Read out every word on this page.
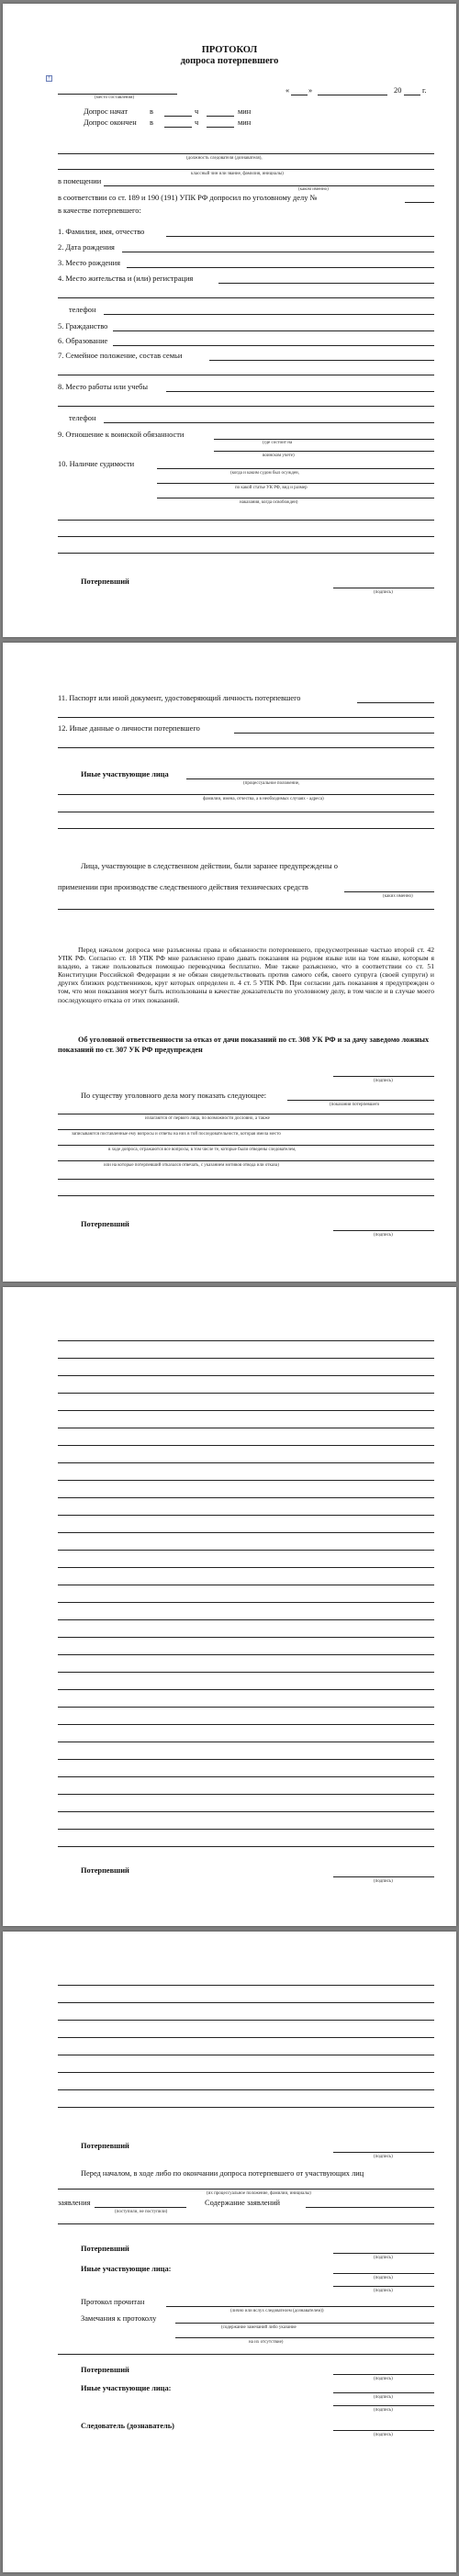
ПРОТОКОЛ
допроса потерпевшего
+
(место составления)
« »	20	г.
Допрос начат	в	ч	мин
Допрос окончен в	ч	мин
(должность следователя (дознавателя),
классный чин или звание, фамилия, инициалы)
в помещении
(каком именно)
в соответствии со ст. 189 и 190 (191) УПК РФ допросил по уголовному делу №
в качестве потерпевшего:
1. Фамилия, имя, отчество
2. Дата рождения
3. Место рождения
4. Место жительства и (или) регистрация
телефон
5. Гражданство
6. Образование
7. Семейное положение, состав семьи
8. Место работы или учебы
телефон
9. Отношение к воинской обязанности
(где состоит на
воинском учете)
10. Наличие судимости
(когда и каким судом был осужден,
по какой статье УК РФ, вид и размер
наказания, когда освобожден)
Потерпевший
(подпись)
11. Паспорт или иной документ, удостоверяющий личность потерпевшего
12. Иные данные о личности потерпевшего
Иные участвующие лица
(процессуальное положение,
фамилии, имена, отчества, а в необходимых случаях - адреса)
Лица, участвующие в следственном действии, были заранее предупреждены о
применении при производстве следственного действия технических средств
(каких именно)
Перед началом допроса мне разъяснены права и обязанности потерпевшего, предусмотренные частью второй ст. 42 УПК РФ. Согласно ст. 18 УПК РФ мне разъяснено право давать показания на родном языке или на том языке, которым я владею, а также пользоваться помощью переводчика бесплатно. Мне также разъяснено, что в соответствии со ст. 51 Конституции Российской Федерации я не обязан свидетельствовать против самого себя, своего супруга (своей супруги) и других близких родственников, круг которых определен п. 4 ст. 5 УПК РФ. При согласии дать показания я предупрежден о том, что мои показания могут быть использованы в качестве доказательств по уголовному делу, в том числе и в случае моего последующего отказа от этих показаний.
Об уголовной ответственности за отказ от дачи показаний по ст. 308 УК РФ и за дачу заведомо ложных показаний по ст. 307 УК РФ предупрежден
(подпись)
По существу уголовного дела могу показать следующее:
(показания потерпевшего
излагаются от первого лица, по возможности дословно, а также
записываются поставленные ему вопросы и ответы на них в той последовательности, которая имела место
в ходе допроса, отражаются все вопросы, в том числе те, которые были отведены следователем,
или на которые потерпевший отказался отвечать, с указанием мотивов отвода или отказа)
Потерпевший
(подпись)
Потерпевший
(подпись)
Потерпевший
(подпись)
Перед началом, в ходе либо по окончании допроса потерпевшего от участвующих лиц
(их процессуальное положение, фамилии, инициалы)
заявления
(поступили, не поступили)
Содержание заявлений
Потерпевший
(подпись)
Иные участвующие лица:
(подпись)
(подпись)
Протокол прочитан
(лично или вслух следователем (дознавателем))
Замечания к протоколу
(содержание замечаний либо указание
на их отсутствие)
Потерпевший
(подпись)
Иные участвующие лица:
(подпись)
(подпись)
Следователь (дознаватель)
(подпись)
